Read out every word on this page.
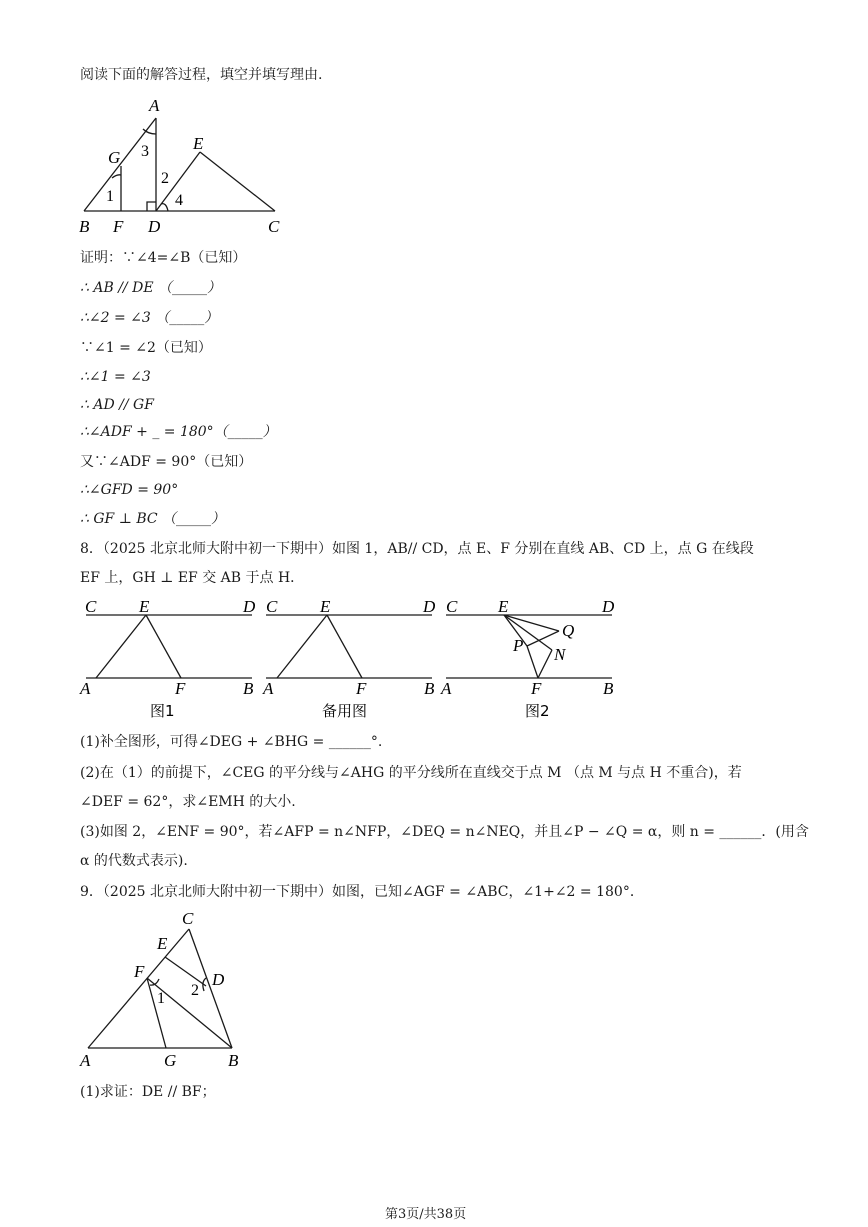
阅读下面的解答过程，填空并填写理由.
A
G
E
B F D	C
3
1
2
4
证明：∵∠4=∠B（已知）
∴ AB // DE （_____）
∴∠2 = ∠3 （_____）
∵∠1 = ∠2（已知）
∴∠1 = ∠3
∴ AD // GF
∴∠ADF + _ = 180°（_____）
又∵∠ADF = 90°（已知）
∴∠GFD = 90°
∴ GF ⊥ BC （_____）
8．（2025 北京北师大附中初一下期中）如图 1，AB// CD，点 E、F 分别在直线 AB、CD 上，点 G 在线段
EF 上，GH ⊥ EF 交 AB 于点 H．
C	E	D
A	F	B
C	E	D
A	F	B
C E	D
P
Q
N
A	F	B
图1	备用图	图2
(1)补全图形，可得∠DEG + ∠BHG = ______°.
(2)在（1）的前提下，∠CEG 的平分线与∠AHG 的平分线所在直线交于点 M （点 M 与点 H 不重合)，若
∠DEF = 62°，求∠EMH 的大小.
(3)如图 2，∠ENF = 90°，若∠AFP = n∠NFP，∠DEQ = n∠NEQ，并且∠P − ∠Q = α，则 n = ______．(用含
α 的代数式表示).
9．（2025 北京北师大附中初一下期中）如图，已知∠AGF = ∠ABC，∠1+∠2 = 180°．
C
E
D
F
1 2
A	G	B
(1)求证：DE // BF；
第3页/共38页
